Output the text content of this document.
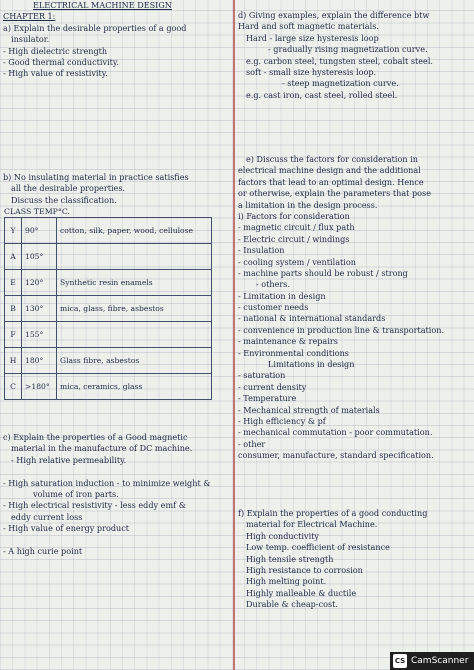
ELECTRICAL MACHINE DESIGN
CHAPTER 1:
a) Explain the desirable properties of a good
insulator.
- High dielectric strength
- Good thermal conductivity.
- High value of resistivity.
b) No insulating material in practice satisfies
all the desirable properties.
Discuss the classification.
CLASS TEMP°C.
Y	90°	cotton, silk, paper, wood, cellulose
A	105°	
E	120°	Synthetic resin enamels
B	130°	mica, glass, fibre, asbestos
F	155°	
H	180°	Glass fibre, asbestos
C	>180°	mica, ceramics, glass
c) Explain the properties of a Good magnetic
material in the manufacture of DC machine.
- High relative permeability.
- High saturation induction - to minimize weight &
volume of iron parts.
- High electrical resistivity - less eddy emf &
eddy current loss
- High value of energy product
- A high curie point
d) Giving examples, explain the difference btw
Hard and soft magnetic materials.
Hard - large size hysteresis loop
- gradually rising magnetization curve.
e.g. carbon steel, tungsten steel, cobalt steel.
soft - small size hysteresis loop.
- steep magnetization curve.
e.g. cast iron, cast steel, rolled steel.
e) Discuss the factors for consideration in
electrical machine design and the additional
factors that lead to an optimal design. Hence
or otherwise, explain the parameters that pose
a limitation in the design process.
i) Factors for consideration
- magnetic circuit / flux path
- Electric circuit / windings
- Insulation
- cooling system / ventilation
- machine parts should be robust / strong
- others.
- Limitation in design
- customer needs
- national & international standards
- convenience in production line & transportation.
- maintenance & repairs
- Environmental conditions
Limitations in design
- saturation
- current density
- Temperature
- Mechanical strength of materials
- High efficiency & pf
- mechanical commutation - poor commutation.
- other
consumer, manufacture, standard specification.
f) Explain the properties of a good conducting
material for Electrical Machine.
High conductivity
Low temp. coefficient of resistance
High tensile strength
High resistance to corrosion
High melting point.
Highly malleable & ductile
Durable & cheap-cost.
CS CamScanner
